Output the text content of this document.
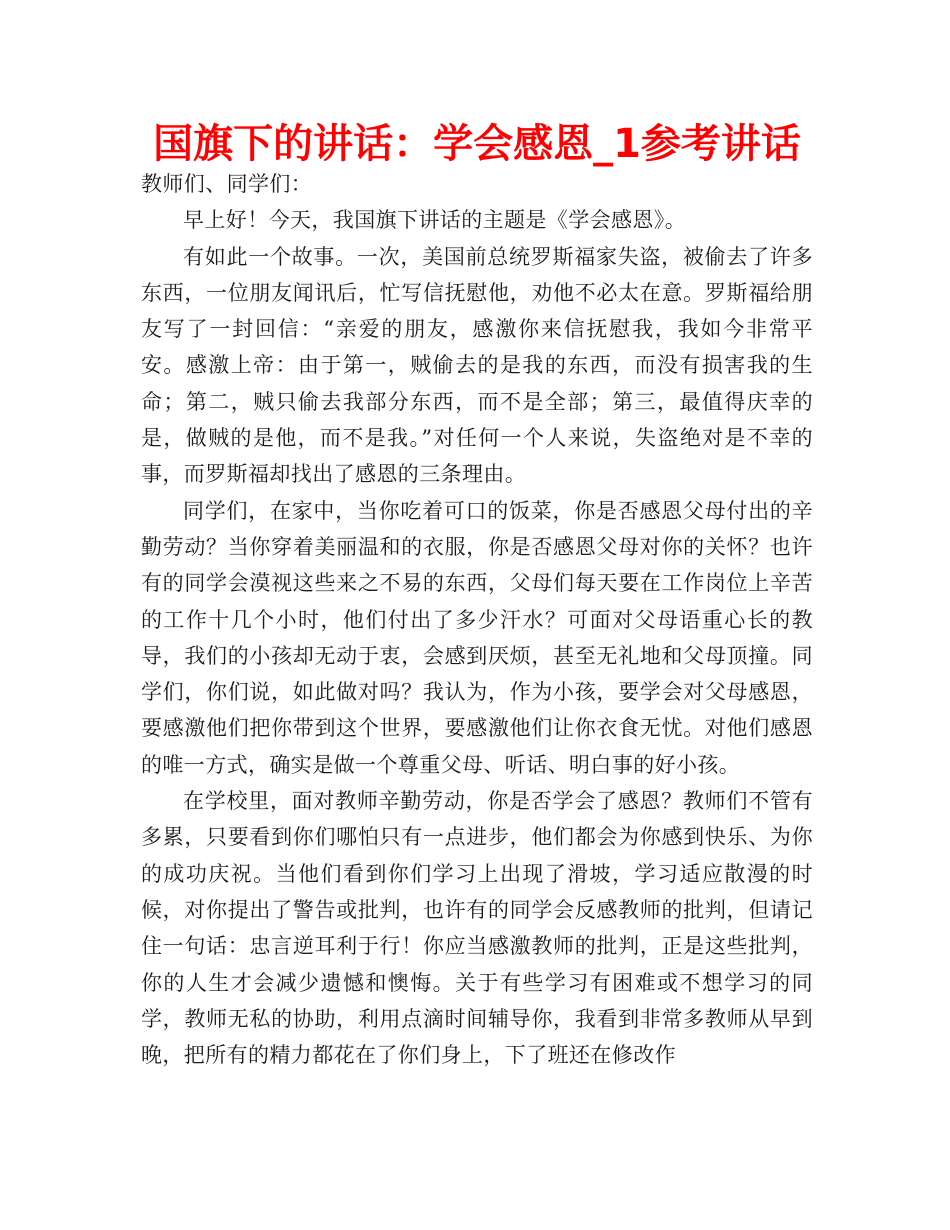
国旗下的讲话：学会感恩_1参考讲话

教师们、同学们：

早上好！今天，我国旗下讲话的主题是《学会感恩》。

有如此一个故事。一次，美国前总统罗斯福家失盗，被偷去了许多东西，一位朋友闻讯后，忙写信抚慰他，劝他不必太在意。罗斯福给朋友写了一封回信：“亲爱的朋友，感激你来信抚慰我，我如今非常平安。感激上帝：由于第一，贼偷去的是我的东西，而没有损害我的生命；第二，贼只偷去我部分东西，而不是全部；第三，最值得庆幸的是，做贼的是他，而不是我。”对任何一个人来说，失盗绝对是不幸的事，而罗斯福却找出了感恩的三条理由。

同学们，在家中，当你吃着可口的饭菜，你是否感恩父母付出的辛勤劳动？当你穿着美丽温和的衣服，你是否感恩父母对你的关怀？也许有的同学会漠视这些来之不易的东西，父母们每天要在工作岗位上辛苦的工作十几个小时，他们付出了多少汗水？可面对父母语重心长的教导，我们的小孩却无动于衷，会感到厌烦，甚至无礼地和父母顶撞。同学们，你们说，如此做对吗？我认为，作为小孩，要学会对父母感恩，要感激他们把你带到这个世界，要感激他们让你衣食无忧。对他们感恩的唯一方式，确实是做一个尊重父母、听话、明白事的好小孩。

在学校里，面对教师辛勤劳动，你是否学会了感恩？教师们不管有多累，只要看到你们哪怕只有一点进步，他们都会为你感到快乐、为你的成功庆祝。当他们看到你们学习上出现了滑坡，学习适应散漫的时候，对你提出了警告或批判，也许有的同学会反感教师的批判，但请记住一句话：忠言逆耳利于行！你应当感激教师的批判，正是这些批判，你的人生才会减少遗憾和懊悔。关于有些学习有困难或不想学习的同学，教师无私的协助，利用点滴时间辅导你，我看到非常多教师从早到晚，把所有的精力都花在了你们身上，下了班还在修改作
